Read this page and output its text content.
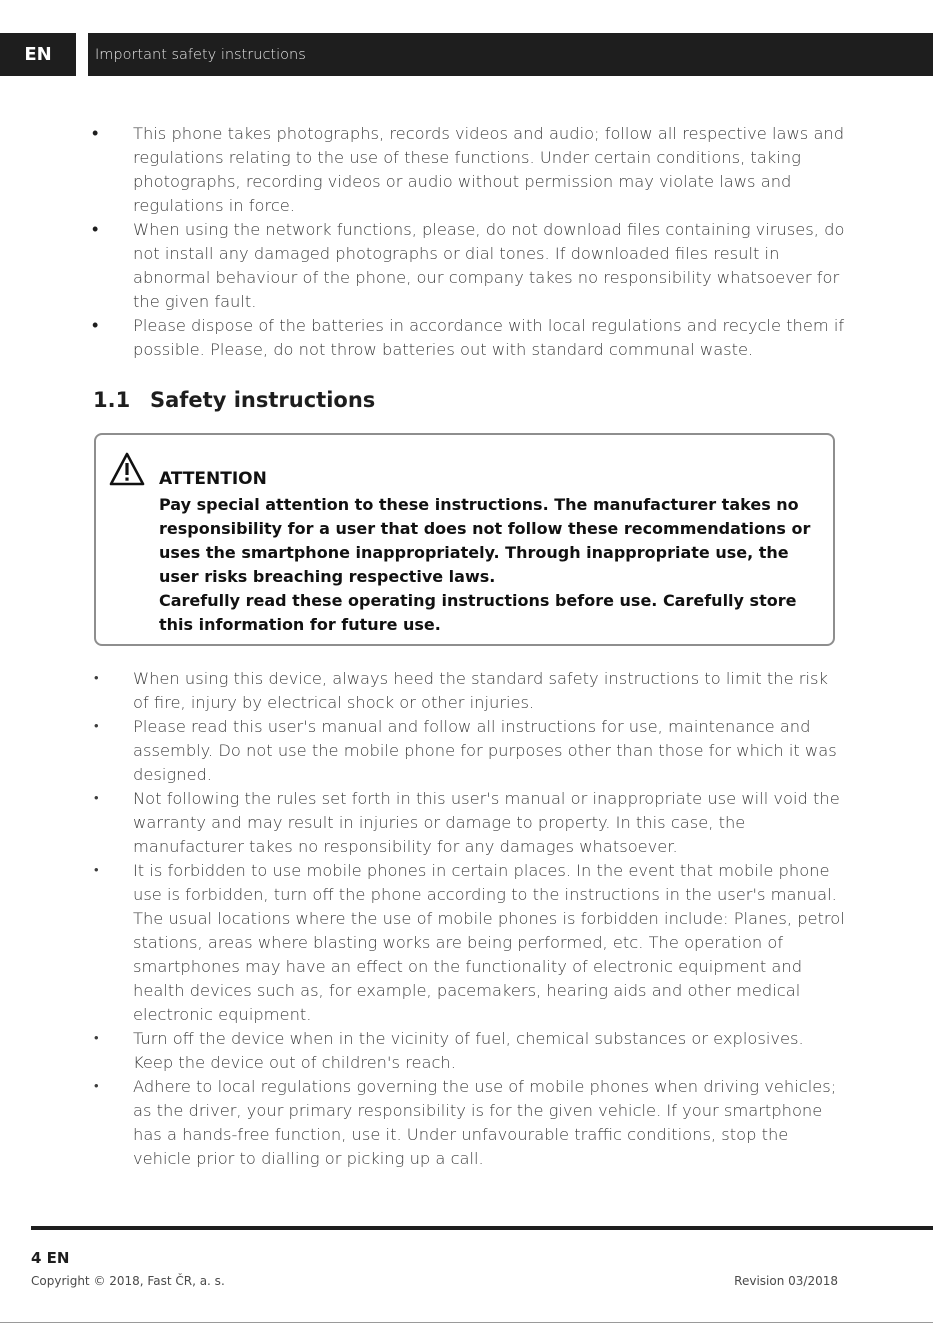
EN	Important safety instructions
• This phone takes photographs, records videos and audio; follow all respective laws and regulations relating to the use of these functions. Under certain conditions, taking photographs, recording videos or audio without permission may violate laws and regulations in force.
• When using the network functions, please, do not download files containing viruses, do not install any damaged photographs or dial tones. If downloaded files result in abnormal behaviour of the phone, our company takes no responsibility whatsoever for the given fault.
• Please dispose of the batteries in accordance with local regulations and recycle them if possible. Please, do not throw batteries out with standard communal waste.
1.1 Safety instructions
ATTENTION

Pay special attention to these instructions. The manufacturer takes no responsibility for a user that does not follow these recommendations or uses the smartphone inappropriately. Through inappropriate use, the user risks breaching respective laws.

Carefully read these operating instructions before use. Carefully store this information for future use.

• When using this device, always heed the standard safety instructions to limit the risk of fire, injury by electrical shock or other injuries.
• Please read this user's manual and follow all instructions for use, maintenance and assembly. Do not use the mobile phone for purposes other than those for which it was designed.
• Not following the rules set forth in this user's manual or inappropriate use will void the warranty and may result in injuries or damage to property. In this case, the manufacturer takes no responsibility for any damages whatsoever.
• It is forbidden to use mobile phones in certain places. In the event that mobile phone use is forbidden, turn off the phone according to the instructions in the user's manual. The usual locations where the use of mobile phones is forbidden include: Planes, petrol stations, areas where blasting works are being performed, etc. The operation of smartphones may have an effect on the functionality of electronic equipment and health devices such as, for example, pacemakers, hearing aids and other medical electronic equipment.
• Turn off the device when in the vicinity of fuel, chemical substances or explosives. Keep the device out of children's reach.
• Adhere to local regulations governing the use of mobile phones when driving vehicles; as the driver, your primary responsibility is for the given vehicle. If your smartphone has a hands-free function, use it. Under unfavourable traffic conditions, stop the vehicle prior to dialling or picking up a call.
4 EN
Copyright © 2018, Fast ČR, a. s.	Revision 03/2018
